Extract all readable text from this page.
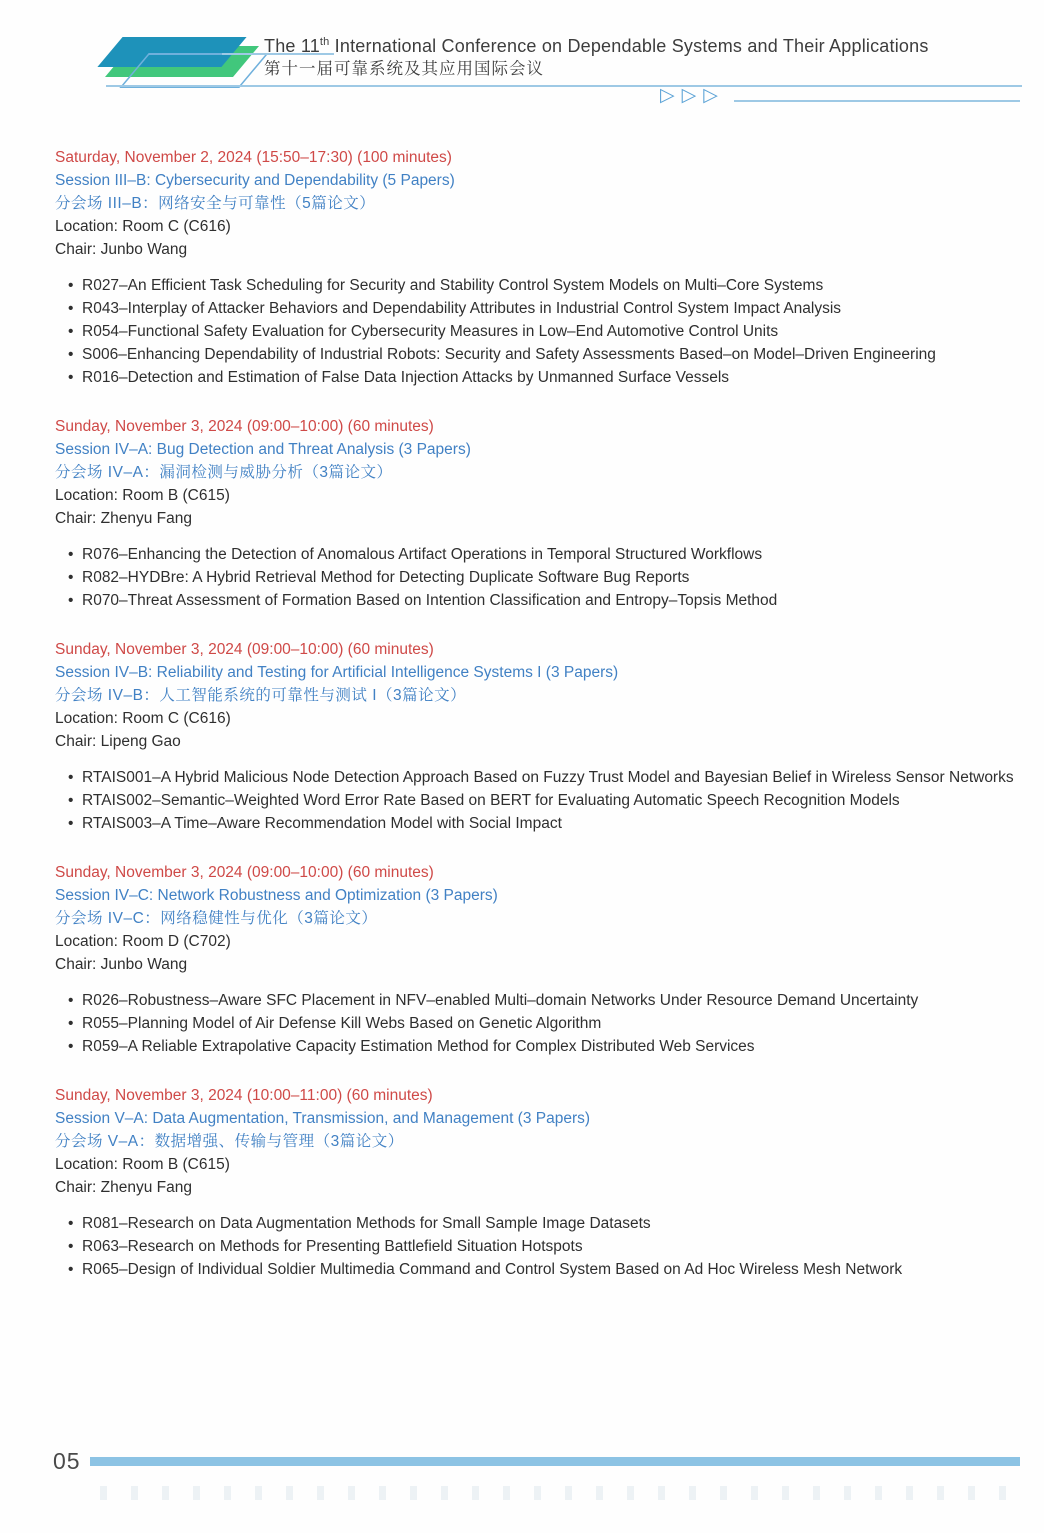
The 11th International Conference on Dependable Systems and Their Applications
第十一届可靠系统及其应用国际会议
▷▷▷
Saturday, November 2, 2024 (15:50–17:30) (100 minutes)
Session III–B: Cybersecurity and Dependability (5 Papers)
分会场 III–B：网络安全与可靠性（5篇论文）
Location: Room C (C616)
Chair: Junbo Wang
• R027–An Efficient Task Scheduling for Security and Stability Control System Models on Multi–Core Systems
• R043–Interplay of Attacker Behaviors and Dependability Attributes in Industrial Control System Impact Analysis
• R054–Functional Safety Evaluation for Cybersecurity Measures in Low–End Automotive Control Units
• S006–Enhancing Dependability of Industrial Robots: Security and Safety Assessments Based–on Model–Driven Engineering
• R016–Detection and Estimation of False Data Injection Attacks by Unmanned Surface Vessels
Sunday, November 3, 2024 (09:00–10:00) (60 minutes)
Session IV–A: Bug Detection and Threat Analysis (3 Papers)
分会场 IV–A：漏洞检测与威胁分析（3篇论文）
Location: Room B (C615)
Chair: Zhenyu Fang
• R076–Enhancing the Detection of Anomalous Artifact Operations in Temporal Structured Workflows
• R082–HYDBre: A Hybrid Retrieval Method for Detecting Duplicate Software Bug Reports
• R070–Threat Assessment of Formation Based on Intention Classification and Entropy–Topsis Method
Sunday, November 3, 2024 (09:00–10:00) (60 minutes)
Session IV–B: Reliability and Testing for Artificial Intelligence Systems I (3 Papers)
分会场 IV–B：人工智能系统的可靠性与测试 I（3篇论文）
Location: Room C (C616)
Chair: Lipeng Gao
• RTAIS001–A Hybrid Malicious Node Detection Approach Based on Fuzzy Trust Model and Bayesian Belief in Wireless Sensor Networks
• RTAIS002–Semantic–Weighted Word Error Rate Based on BERT for Evaluating Automatic Speech Recognition Models
• RTAIS003–A Time–Aware Recommendation Model with Social Impact
Sunday, November 3, 2024 (09:00–10:00) (60 minutes)
Session IV–C: Network Robustness and Optimization (3 Papers)
分会场 IV–C：网络稳健性与优化（3篇论文）
Location: Room D (C702)
Chair: Junbo Wang
• R026–Robustness–Aware SFC Placement in NFV–enabled Multi–domain Networks Under Resource Demand Uncertainty
• R055–Planning Model of Air Defense Kill Webs Based on Genetic Algorithm
• R059–A Reliable Extrapolative Capacity Estimation Method for Complex Distributed Web Services
Sunday, November 3, 2024 (10:00–11:00) (60 minutes)
Session V–A: Data Augmentation, Transmission, and Management (3 Papers)
分会场 V–A：数据增强、传输与管理（3篇论文）
Location: Room B (C615)
Chair: Zhenyu Fang
• R081–Research on Data Augmentation Methods for Small Sample Image Datasets
• R063–Research on Methods for Presenting Battlefield Situation Hotspots
• R065–Design of Individual Soldier Multimedia Command and Control System Based on Ad Hoc Wireless Mesh Network
05
